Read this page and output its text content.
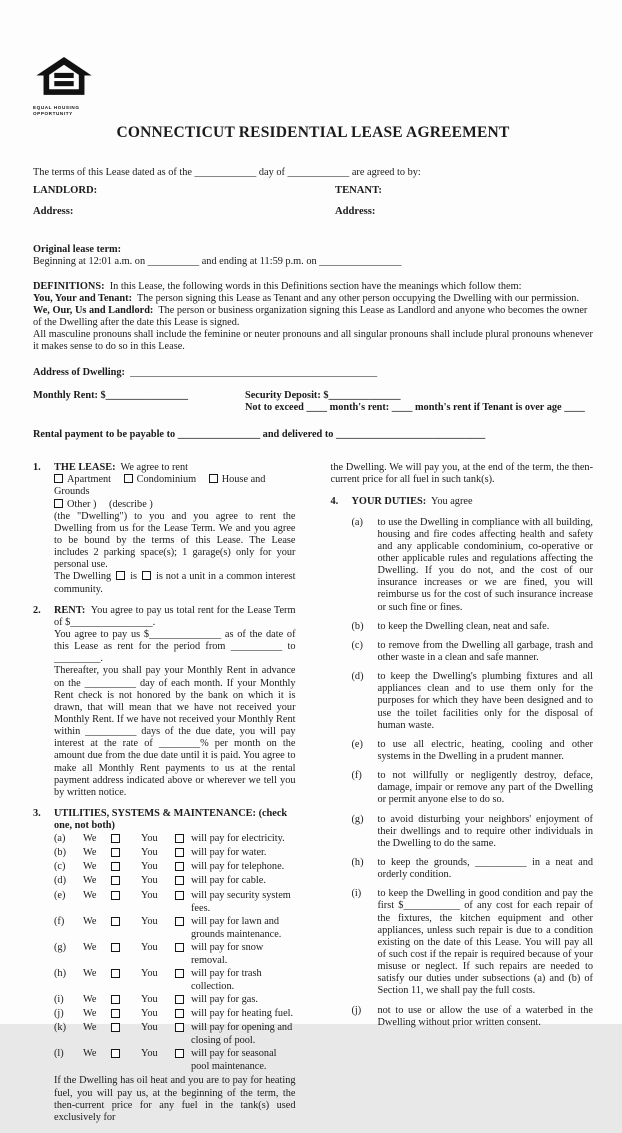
EQUAL HOUSING
OPPORTUNITY
CONNECTICUT RESIDENTIAL LEASE AGREEMENT
The terms of this Lease dated as of the ____________ day of ____________ are agreed to by:
LANDLORD:	TENANT:
Address:	Address:
Original lease term:
Beginning at 12:01 a.m. on __________ and ending at 11:59 p.m. on ________________
DEFINITIONS: In this Lease, the following words in this Definitions section have the meanings which follow them:
You, Your and Tenant: The person signing this Lease as Tenant and any other person occupying the Dwelling with our permission.
We, Our, Us and Landlord: The person or business organization signing this Lease as Landlord and anyone who becomes the owner of the Dwelling after the date this Lease is signed.
All masculine pronouns shall include the feminine or neuter pronouns and all singular pronouns shall include plural pronouns whenever it makes sense to do so in this Lease.
Address of Dwelling: ________________________________________________
Monthly Rent: $________________	Security Deposit: $______________
Not to exceed ____ month's rent: ____ month's rent if Tenant is over age ____
Rental payment to be payable to ________________ and delivered to _____________________________
1.	THE LEASE: We agree to rent
Apartment Condominium House and Grounds
Other ) (describe )
(the "Dwelling") to you and you agree to rent the Dwelling from us for the Lease Term. We and you agree to be bound by the terms of this Lease. The Lease includes 2 parking space(s); 1 garage(s) only for your personal use.
The Dwelling is is not a unit in a common interest community.
2.	RENT: You agree to pay us total rent for the Lease Term of $________________.
You agree to pay us $______________ as of the date of this Lease as rent for the period from __________ to _________.
Thereafter, you shall pay your Monthly Rent in advance on the __________ day of each month. If your Monthly Rent check is not honored by the bank on which it is drawn, that will mean that we have not received your Monthly Rent. If we have not received your Monthly Rent within __________ days of the due date, you will pay interest at the rate of ________% per month on the amount due from the due date until it is paid. You agree to make all Monthly Rent payments to us at the rental payment address indicated above or wherever we tell you by written notice.
3.	UTILITIES, SYSTEMS & MAINTENANCE: (check one, not both)
(a)	We	You	will pay for electricity.
(b)	We	You	will pay for water.
(c)	We	You	will pay for telephone.
(d)	We	You	will pay for cable.
(e)	We	You	will pay security system fees.
(f)	We	You	will pay for lawn and grounds maintenance.
(g)	We	You	will pay for snow removal.
(h)	We	You	will pay for trash collection.
(i)	We	You	will pay for gas.
(j)	We	You	will pay for heating fuel.
(k)	We	You	will pay for opening and closing of pool.
(l)	We	You	will pay for seasonal pool maintenance.
If the Dwelling has oil heat and you are to pay for heating fuel, you will pay us, at the beginning of the term, the then-current price for any fuel in the tank(s) used exclusively for
the Dwelling. We will pay you, at the end of the term, the then-current price for all fuel in such tank(s).
4.	YOUR DUTIES: You agree
(a)	to use the Dwelling in compliance with all building, housing and fire codes affecting health and safety and any applicable condominium, co-operative or other applicable rules and regulations affecting the Dwelling. If you do not, and the cost of our insurance increases or we are fined, you will reimburse us for the cost of such insurance increase or such fine or fines.
(b)	to keep the Dwelling clean, neat and safe.
(c)	to remove from the Dwelling all garbage, trash and other waste in a clean and safe manner.
(d)	to keep the Dwelling's plumbing fixtures and all appliances clean and to use them only for the purposes for which they have been designed and to use the toilet facilities only for the disposal of human waste.
(e)	to use all electric, heating, cooling and other systems in the Dwelling in a prudent manner.
(f)	to not willfully or negligently destroy, deface, damage, impair or remove any part of the Dwelling or permit anyone else to do so.
(g)	to avoid disturbing your neighbors' enjoyment of their dwellings and to require other individuals in the Dwelling to do the same.
(h)	to keep the grounds, __________ in a neat and orderly condition.
(i)	to keep the Dwelling in good condition and pay the first $___________ of any cost for each repair of the fixtures, the kitchen equipment and other appliances, unless such repair is due to a condition existing on the date of this Lease. You will pay all of such cost if the repair is required because of your misuse or neglect. If such repairs are needed to satisfy our duties under subsections (a) and (b) of Section 11, we shall pay the full costs.
(j)	not to use or allow the use of a waterbed in the Dwelling without prior written consent.
